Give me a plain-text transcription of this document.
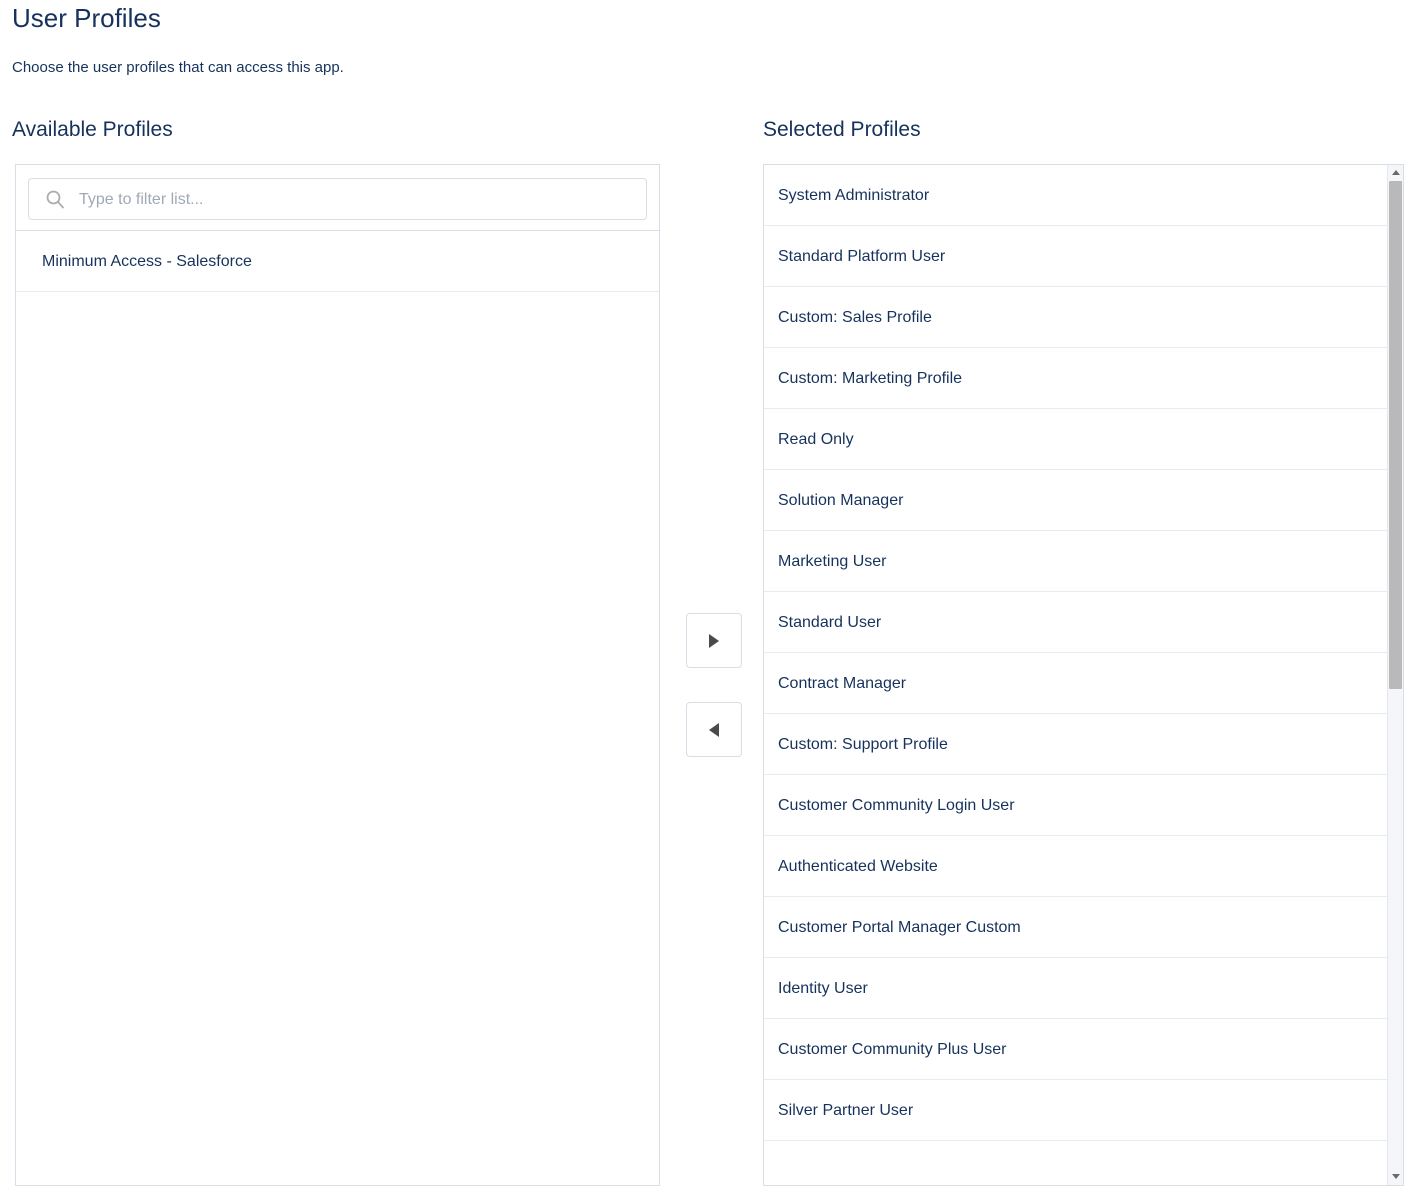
User Profiles
Choose the user profiles that can access this app.
Available Profiles	Selected Profiles
Type to filter list...
Minimum Access - Salesforce
System Administrator
Standard Platform User
Custom: Sales Profile
Custom: Marketing Profile
Read Only
Solution Manager
Marketing User
Standard User
Contract Manager
Custom: Support Profile
Customer Community Login User
Authenticated Website
Customer Portal Manager Custom
Identity User
Customer Community Plus User
Silver Partner User
